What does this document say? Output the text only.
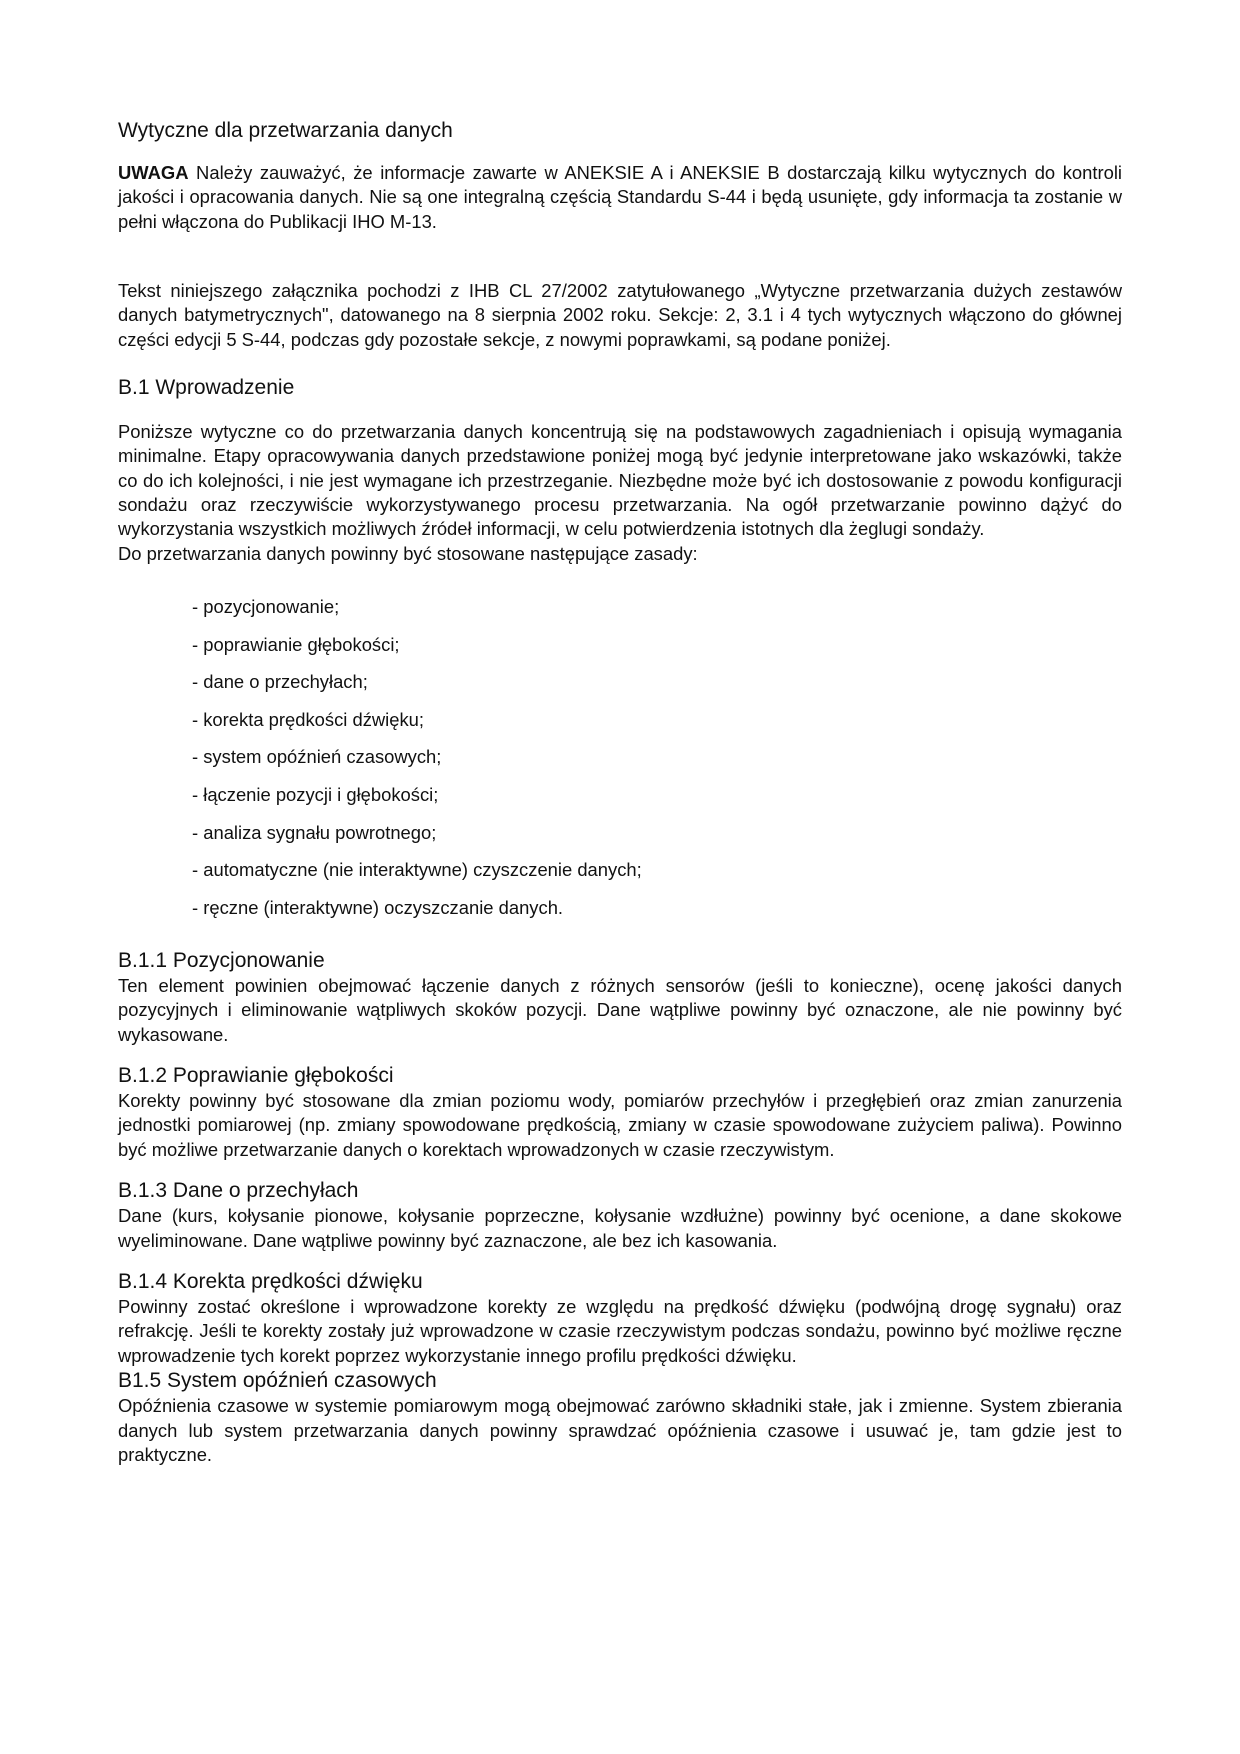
Wytyczne dla przetwarzania danych

UWAGA Należy zauważyć, że informacje zawarte w ANEKSIE A i ANEKSIE B dostarczają kilku wytycznych do kontroli jakości i opracowania danych. Nie są one integralną częścią Standardu S-44 i będą usunięte, gdy informacja ta zostanie w pełni włączona do Publikacji IHO M-13.

Tekst niniejszego załącznika pochodzi z IHB CL 27/2002 zatytułowanego „Wytyczne przetwarzania dużych zestawów danych batymetrycznych", datowanego na 8 sierpnia 2002 roku. Sekcje: 2, 3.1 i 4 tych wytycznych włączono do głównej części edycji 5 S-44, podczas gdy pozostałe sekcje, z nowymi poprawkami, są podane poniżej.

B.1 Wprowadzenie

Poniższe wytyczne co do przetwarzania danych koncentrują się na podstawowych zagadnieniach i opisują wymagania minimalne. Etapy opracowywania danych przedstawione poniżej mogą być jedynie interpretowane jako wskazówki, także co do ich kolejności, i nie jest wymagane ich przestrzeganie. Niezbędne może być ich dostosowanie z powodu konfiguracji sondażu oraz rzeczywiście wykorzystywanego procesu przetwarzania. Na ogół przetwarzanie powinno dążyć do wykorzystania wszystkich możliwych źródeł informacji, w celu potwierdzenia istotnych dla żeglugi sondaży.

Do przetwarzania danych powinny być stosowane następujące zasady:

- pozycjonowanie;
- poprawianie głębokości;
- dane o przechyłach;
- korekta prędkości dźwięku;
- system opóźnień czasowych;
- łączenie pozycji i głębokości;
- analiza sygnału powrotnego;
- automatyczne (nie interaktywne) czyszczenie danych;
- ręczne (interaktywne) oczyszczanie danych.
B.1.1 Pozycjonowanie

Ten element powinien obejmować łączenie danych z różnych sensorów (jeśli to konieczne), ocenę jakości danych pozycyjnych i eliminowanie wątpliwych skoków pozycji. Dane wątpliwe powinny być oznaczone, ale nie powinny być wykasowane.

B.1.2 Poprawianie głębokości

Korekty powinny być stosowane dla zmian poziomu wody, pomiarów przechyłów i przegłębień oraz zmian zanurzenia jednostki pomiarowej (np. zmiany spowodowane prędkością, zmiany w czasie spowodowane zużyciem paliwa). Powinno być możliwe przetwarzanie danych o korektach wprowadzonych w czasie rzeczywistym.

B.1.3 Dane o przechyłach

Dane (kurs, kołysanie pionowe, kołysanie poprzeczne, kołysanie wzdłużne) powinny być ocenione, a dane skokowe wyeliminowane. Dane wątpliwe powinny być zaznaczone, ale bez ich kasowania.

B.1.4 Korekta prędkości dźwięku

Powinny zostać określone i wprowadzone korekty ze względu na prędkość dźwięku (podwójną drogę sygnału) oraz refrakcję. Jeśli te korekty zostały już wprowadzone w czasie rzeczywistym podczas sondażu, powinno być możliwe ręczne wprowadzenie tych korekt poprzez wykorzystanie innego profilu prędkości dźwięku.

B1.5 System opóźnień czasowych

Opóźnienia czasowe w systemie pomiarowym mogą obejmować zarówno składniki stałe, jak i zmienne. System zbierania danych lub system przetwarzania danych powinny sprawdzać opóźnienia czasowe i usuwać je, tam gdzie jest to praktyczne.
